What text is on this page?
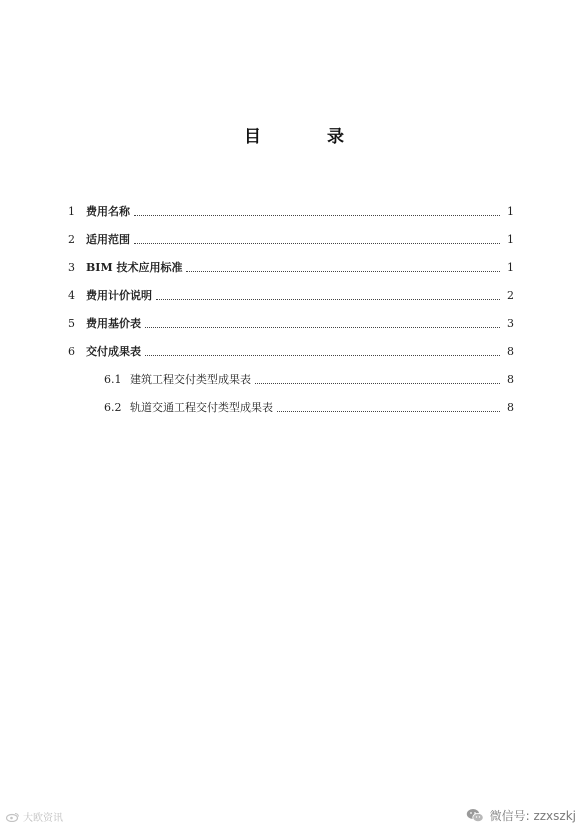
目 录
1	费用名称	1
2	适用范围	1
3	BIM 技术应用标准	1
4	费用计价说明	2
5	费用基价表	3
6	交付成果表	8
6.1 建筑工程交付类型成果表	8
6.2 轨道交通工程交付类型成果表	8
大欧资讯	微信号: zzxszkj
